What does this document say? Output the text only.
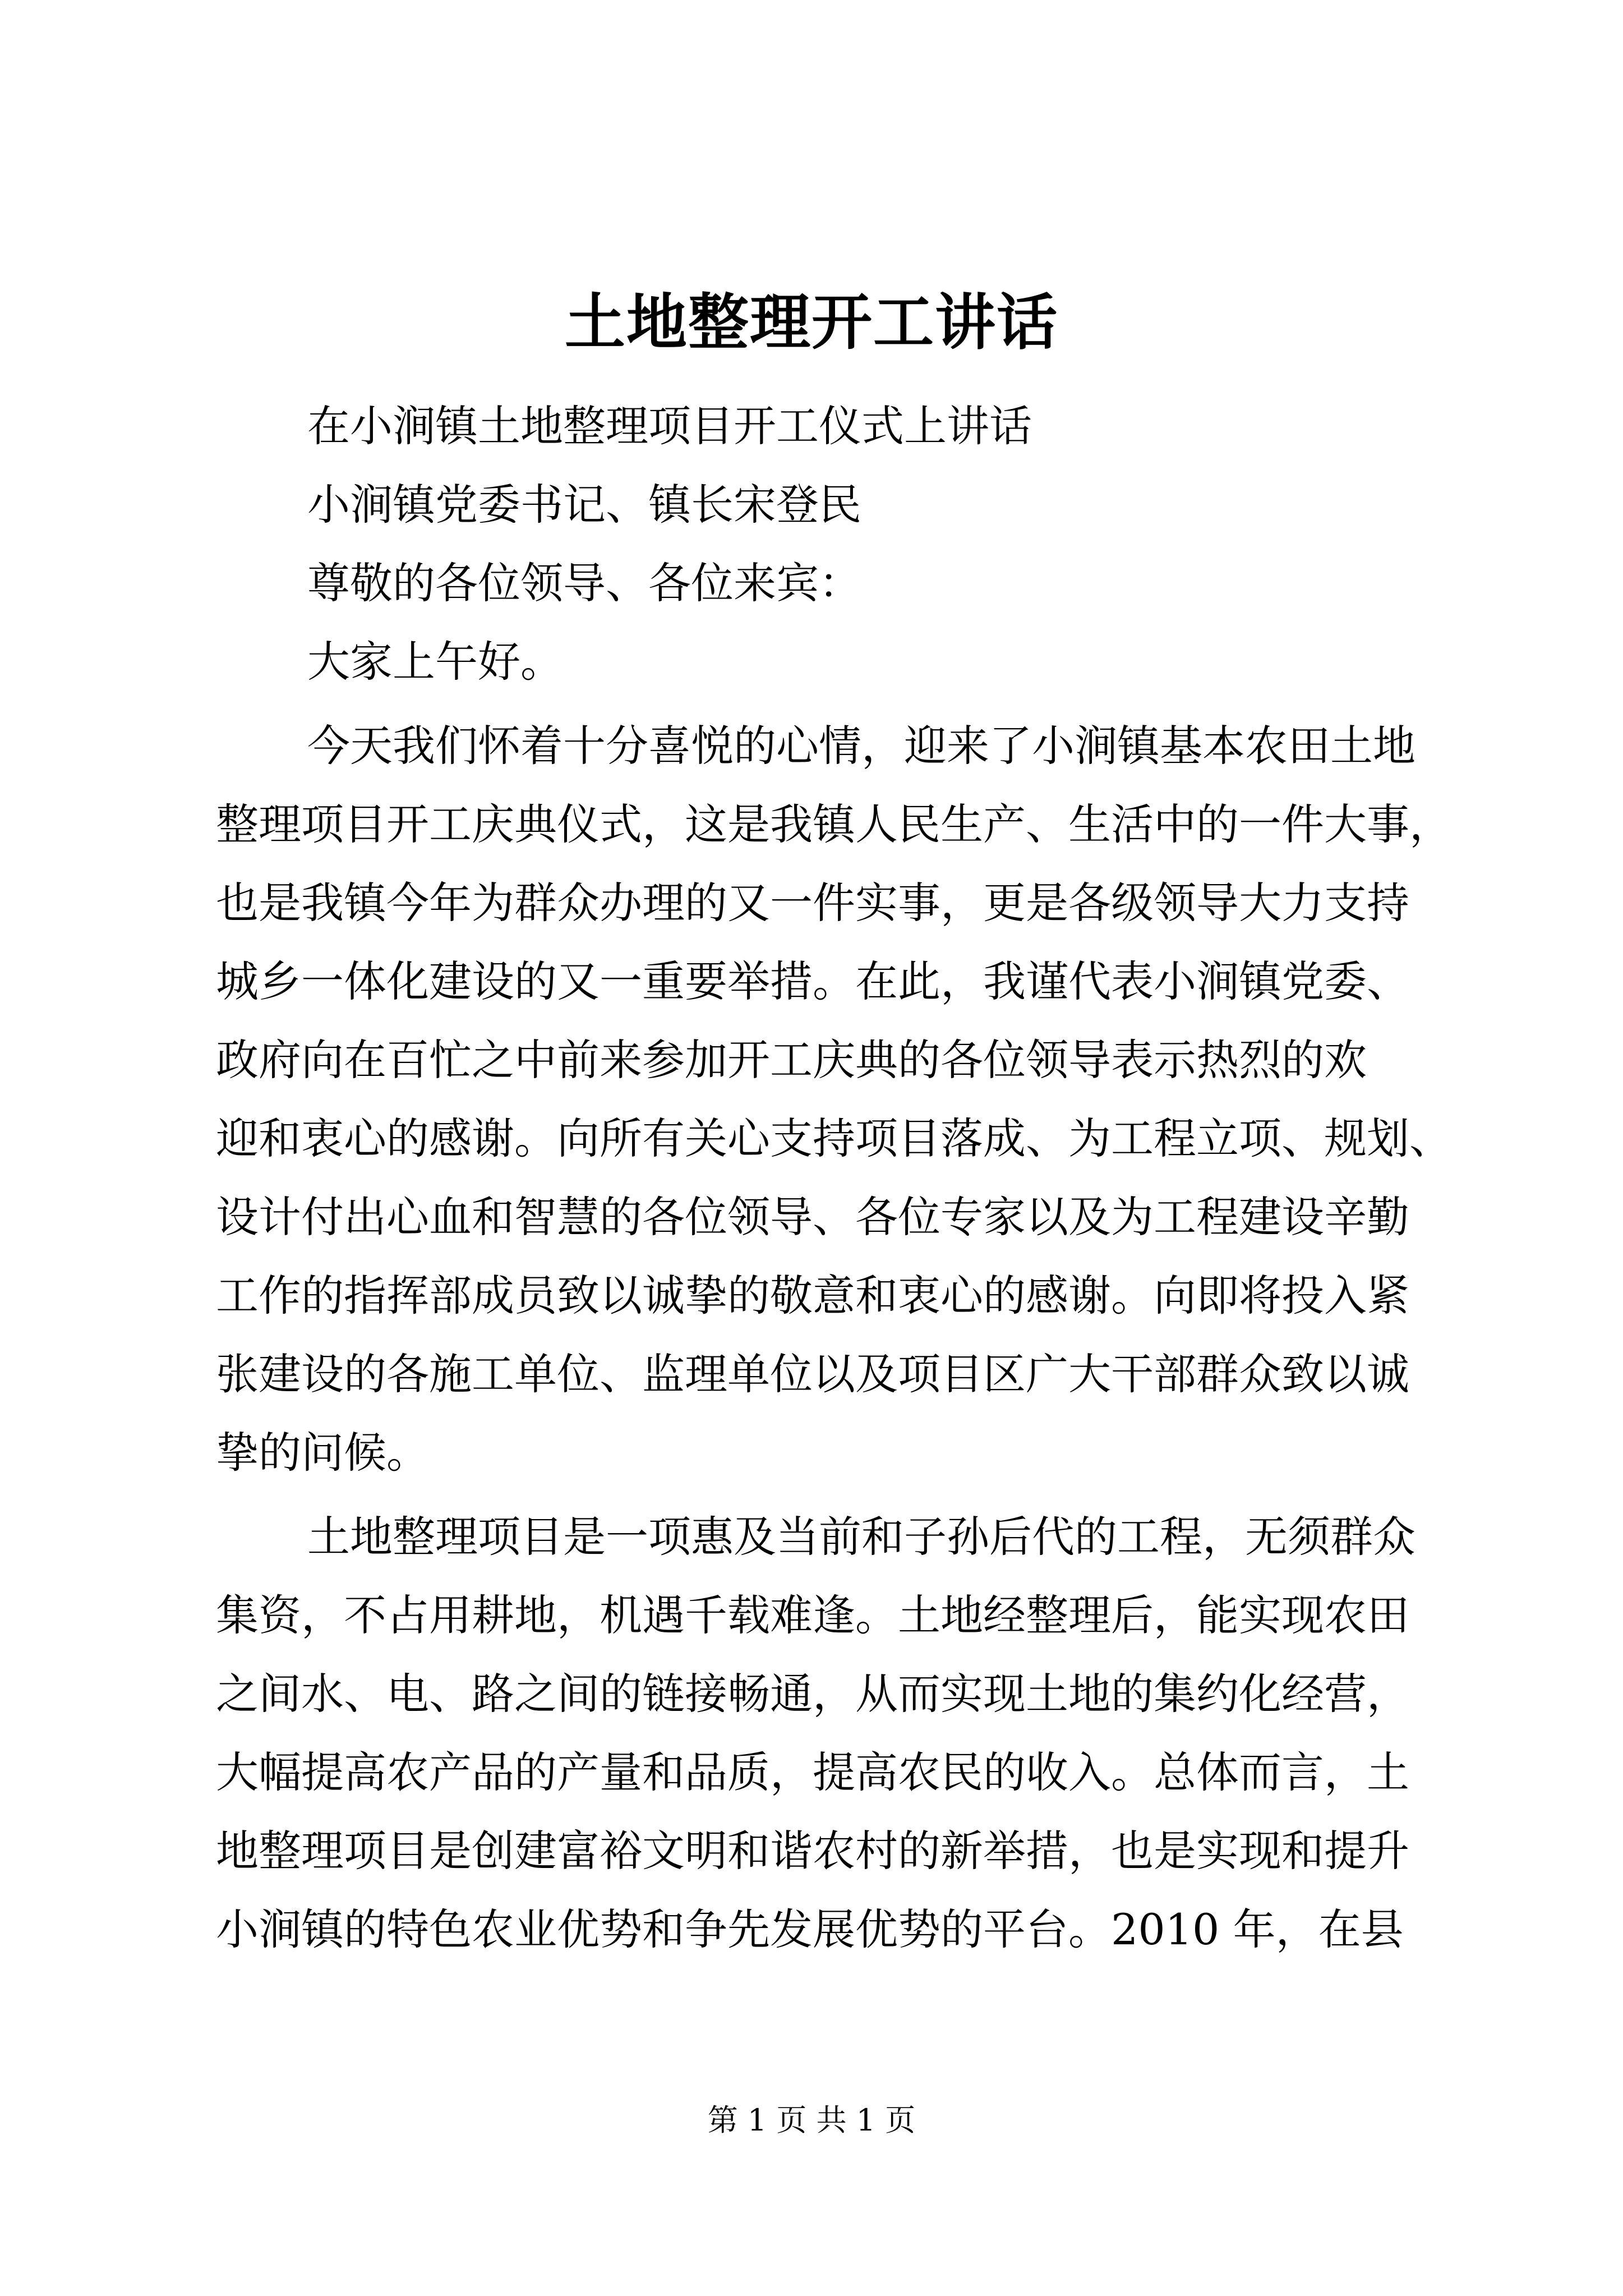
土地整理开工讲话

在小涧镇土地整理项目开工仪式上讲话

小涧镇党委书记、镇长宋登民

尊敬的各位领导、各位来宾：

大家上午好。

今天我们怀着十分喜悦的心情，迎来了小涧镇基本农田土地

整理项目开工庆典仪式，这是我镇人民生产、生活中的一件大事，

也是我镇今年为群众办理的又一件实事，更是各级领导大力支持

城乡一体化建设的又一重要举措。在此，我谨代表小涧镇党委、

政府向在百忙之中前来参加开工庆典的各位领导表示热烈的欢

迎和衷心的感谢。向所有关心支持项目落成、为工程立项、规划、

设计付出心血和智慧的各位领导、各位专家以及为工程建设辛勤

工作的指挥部成员致以诚挚的敬意和衷心的感谢。向即将投入紧

张建设的各施工单位、监理单位以及项目区广大干部群众致以诚

挚的问候。

土地整理项目是一项惠及当前和子孙后代的工程，无须群众

集资，不占用耕地，机遇千载难逢。土地经整理后，能实现农田

之间水、电、路之间的链接畅通，从而实现土地的集约化经营，

大幅提高农产品的产量和品质，提高农民的收入。总体而言，土

地整理项目是创建富裕文明和谐农村的新举措，也是实现和提升

小涧镇的特色农业优势和争先发展优势的平台。2010 年，在县

第 1 页 共 1 页
